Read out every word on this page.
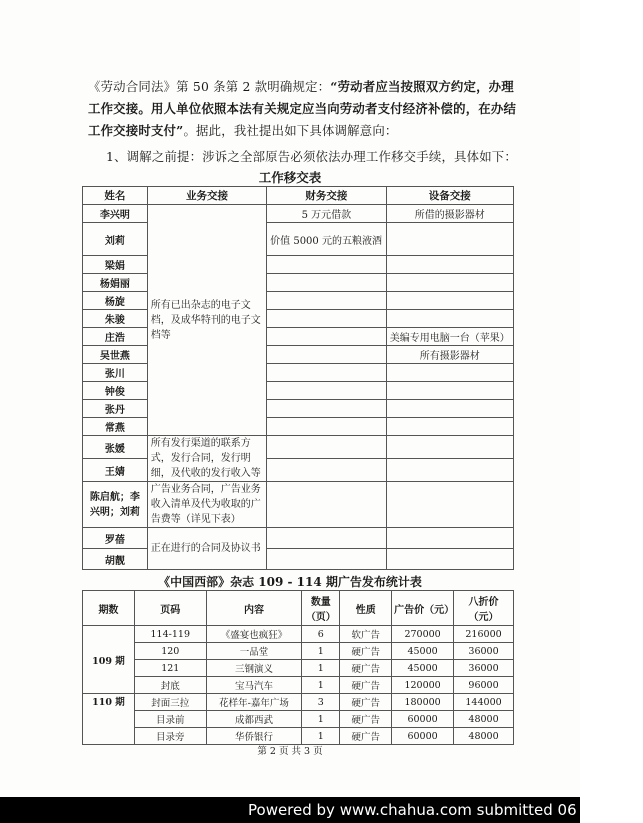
《劳动合同法》第 50 条第 2 款明确规定：“劳动者应当按照双方约定，办理工作交接。用人单位依照本法有关规定应当向劳动者支付经济补偿的，在办结工作交接时支付”。据此，我社提出如下具体调解意向：
1、调解之前提：涉诉之全部原告必须依法办理工作移交手续，具体如下：
工作移交表
姓名	业务交接	财务交接	设备交接
李兴明	所有已出杂志的电子文档，及成华特刊的电子文档等	5 万元借款	所借的摄影器材
刘莉		价值 5000 元的五粮液酒	
梁娟			
杨娟丽			
杨旋			
朱骏			
庄浩			美编专用电脑一台（苹果）
吴世燕			所有摄影器材
张川			
钟俊			
张丹			
常燕			
张媛	所有发行渠道的联系方式，发行合同，发行明细，及代收的发行收入等		
王婧			
陈启航；李兴明；刘莉	广告业务合同，广告业务收入清单及代为收取的广告费等（详见下表）		
罗蓓	正在进行的合同及协议书		
胡靓			
《中国西部》杂志 109 - 114 期广告发布统计表
期数	页码	内容	数量（页）	性质	广告价（元）	八折价（元）
109 期	114-119	《盛宴也疯狂》	6	软广告	270000	216000
	120	一品堂	1	硬广告	45000	36000
	121	三钢演义	1	硬广告	45000	36000
	封底	宝马汽车	1	硬广告	120000	96000
110 期	封面三拉	花样年-嘉年广场	3	硬广告	180000	144000
	目录前	成都西武	1	硬广告	60000	48000
	目录旁	华侨银行	1	硬广告	60000	48000
第 2 页 共 3 页
Powered by www.chahua.com submitted 06 Mar 201
